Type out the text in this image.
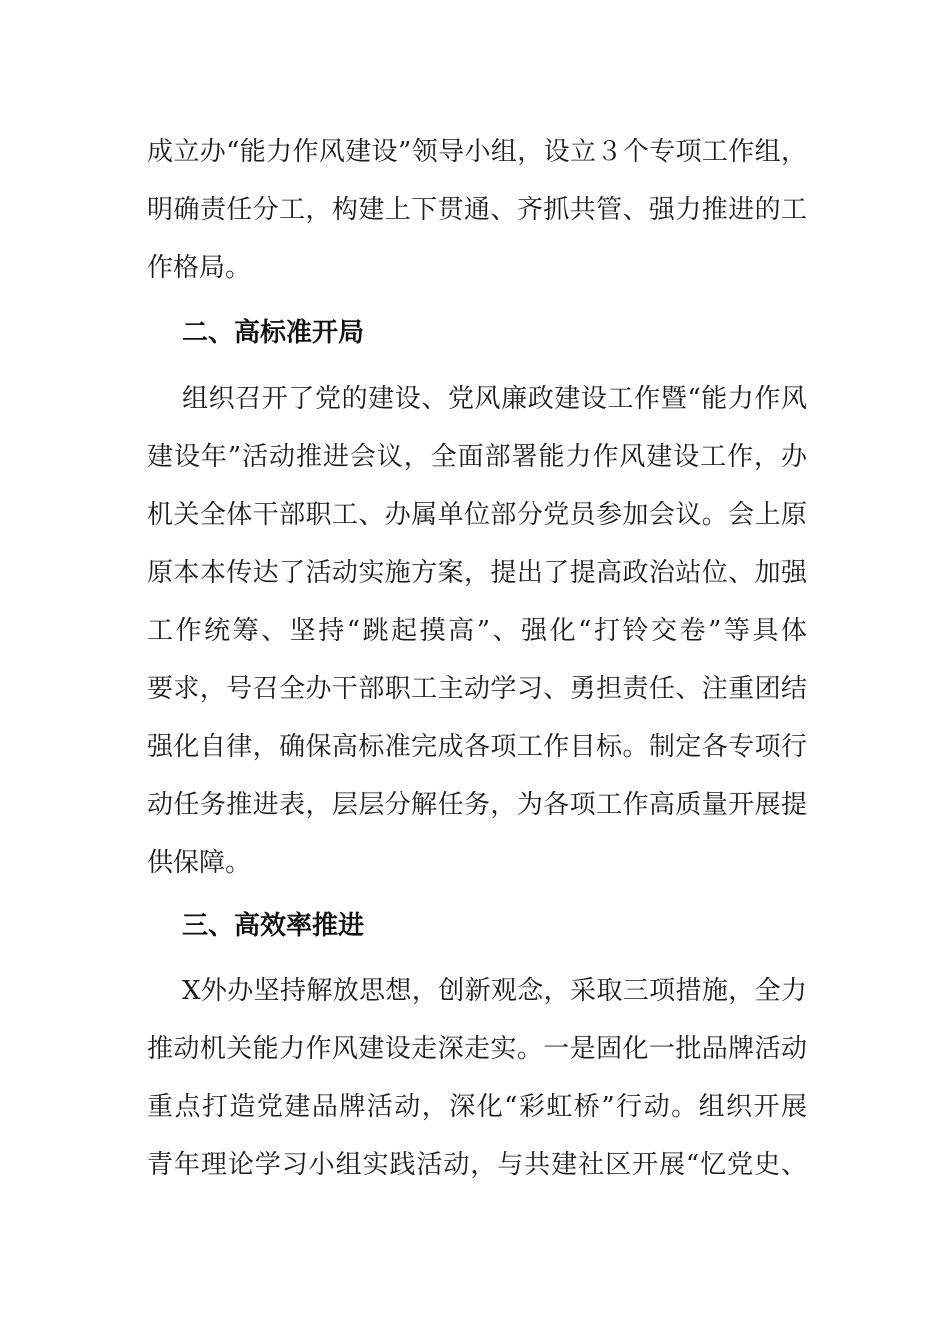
成立办“能力作风建设”领导小组，设立３个专项工作组，
明确责任分工，构建上下贯通、齐抓共管、强力推进的工
作格局。
二、高标准开局
组织召开了党的建设、党风廉政建设工作暨“能力作风
建设年”活动推进会议，全面部署能力作风建设工作，办
机关全体干部职工、办属单位部分党员参加会议。会上原
原本本传达了活动实施方案，提出了提高政治站位、加强
工作统筹、坚持“跳起摸高”、强化“打铃交卷”等具体
要求，号召全办干部职工主动学习、勇担责任、注重团结
强化自律，确保高标准完成各项工作目标。制定各专项行
动任务推进表，层层分解任务，为各项工作高质量开展提
供保障。
三、高效率推进
X外办坚持解放思想，创新观念，采取三项措施，全力
推动机关能力作风建设走深走实。一是固化一批品牌活动
重点打造党建品牌活动，深化“彩虹桥”行动。组织开展
青年理论学习小组实践活动，与共建社区开展“忆党史、
